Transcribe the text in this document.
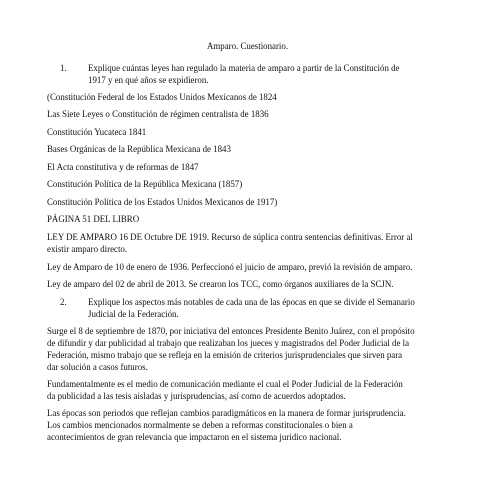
Amparo. Cuestionario.
1. Explique cuántas leyes han regulado la materia de amparo a partir de la Constitución de
1917 y en qué años se expidieron.
(Constitución Federal de los Estados Unidos Mexicanos de 1824
Las Siete Leyes o Constitución de régimen centralista de 1836
Constitución Yucateca 1841
Bases Orgánicas de la República Mexicana de 1843
El Acta constitutiva y de reformas de 1847
Constitución Política de la República Mexicana (1857)
Constitución Política de los Estados Unidos Mexicanos de 1917)
PÁGINA 51 DEL LIBRO
LEY DE AMPARO 16 DE Octubre DE 1919. Recurso de súplica contra sentencias definitivas. Error al
existir amparo directo.
Ley de Amparo de 10 de enero de 1936. Perfeccionó el juicio de amparo, previó la revisión de amparo.
Ley de amparo del 02 de abril de 2013. Se crearon los TCC, como órganos auxiliares de la SCJN.
2. Explique los aspectos más notables de cada una de las épocas en que se divide el Semanario
Judicial de la Federación.
Surge el 8 de septiembre de 1870, por iniciativa del entonces Presidente Benito Juárez, con el propósito
de difundir y dar publicidad al trabajo que realizaban los jueces y magistrados del Poder Judicial de la
Federación, mismo trabajo que se refleja en la emisión de criterios jurisprudenciales que sirven para
dar solución a casos futuros.
Fundamentalmente es el medio de comunicación mediante el cual el Poder Judicial de la Federación
da publicidad a las tesis aisladas y jurisprudencias, así como de acuerdos adoptados.
Las épocas son periodos que reflejan cambios paradigmáticos en la manera de formar jurisprudencia.
Los cambios mencionados normalmente se deben a reformas constitucionales o bien a
acontecimientos de gran relevancia que impactaron en el sistema jurídico nacional.
